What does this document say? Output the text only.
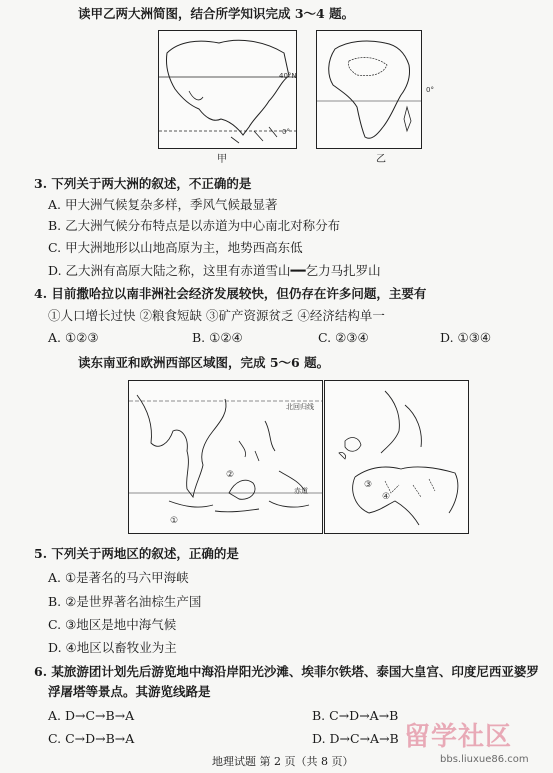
读甲乙两大洲简图，结合所学知识完成 3～4 题。
40°N
0°
甲
0°
乙
3. 下列关于两大洲的叙述，不正确的是
A. 甲大洲气候复杂多样，季风气候最显著
B. 乙大洲气候分布特点是以赤道为中心南北对称分布
C. 甲大洲地形以山地高原为主，地势西高东低
D. 乙大洲有高原大陆之称，这里有赤道雪山━━乞力马扎罗山
4. 目前撒哈拉以南非洲社会经济发展较快，但仍存在许多问题，主要有
①人口增长过快 ②粮食短缺 ③矿产资源贫乏 ④经济结构单一
A. ①②③	B. ①②④	C. ②③④	D. ①③④
读东南亚和欧洲西部区域图，完成 5～6 题。
北回归线
赤道
①
②
③
④
5. 下列关于两地区的叙述，正确的是
A. ①是著名的马六甲海峡
B. ②是世界著名油棕生产国
C. ③地区是地中海气候
D. ④地区以畜牧业为主
6. 某旅游团计划先后游览地中海沿岸阳光沙滩、埃菲尔铁塔、泰国大皇宫、印度尼西亚婆罗
浮屠塔等景点。其游览线路是
A. D→C→B→A	B. C→D→A→B
C. C→D→B→A	D. D→C→A→B
地理试题 第 2 页（共 8 页）
留学社区
bbs.liuxue86.com
